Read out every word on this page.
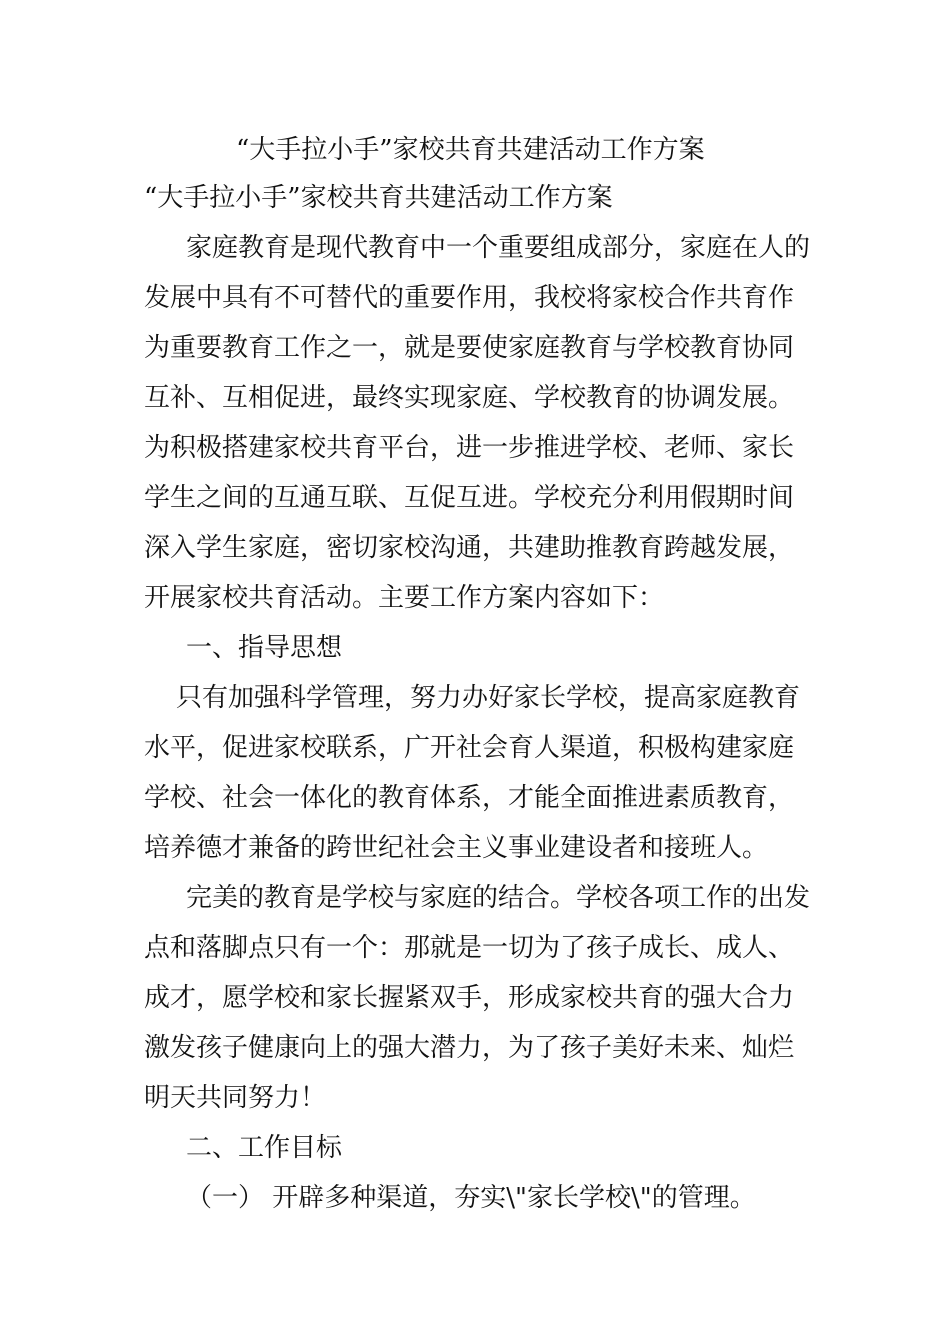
“大手拉小手”家校共育共建活动工作方案
“大手拉小手”家校共育共建活动工作方案
家庭教育是现代教育中一个重要组成部分，家庭在人的
发展中具有不可替代的重要作用，我校将家校合作共育作
为重要教育工作之一，就是要使家庭教育与学校教育协同
互补、互相促进，最终实现家庭、学校教育的协调发展。
为积极搭建家校共育平台，进一步推进学校、老师、家长
学生之间的互通互联、互促互进。学校充分利用假期时间
深入学生家庭，密切家校沟通，共建助推教育跨越发展，
开展家校共育活动。主要工作方案内容如下：
一、指导思想
只有加强科学管理，努力办好家长学校，提高家庭教育
水平，促进家校联系，广开社会育人渠道，积极构建家庭
学校、社会一体化的教育体系，才能全面推进素质教育，
培养德才兼备的跨世纪社会主义事业建设者和接班人。
完美的教育是学校与家庭的结合。学校各项工作的出发
点和落脚点只有一个：那就是一切为了孩子成长、成人、
成才，愿学校和家长握紧双手，形成家校共育的强大合力
激发孩子健康向上的强大潜力，为了孩子美好未来、灿烂
明天共同努力！
二、工作目标
（一） 开辟多种渠道，夯实\"家长学校\"的管理。
